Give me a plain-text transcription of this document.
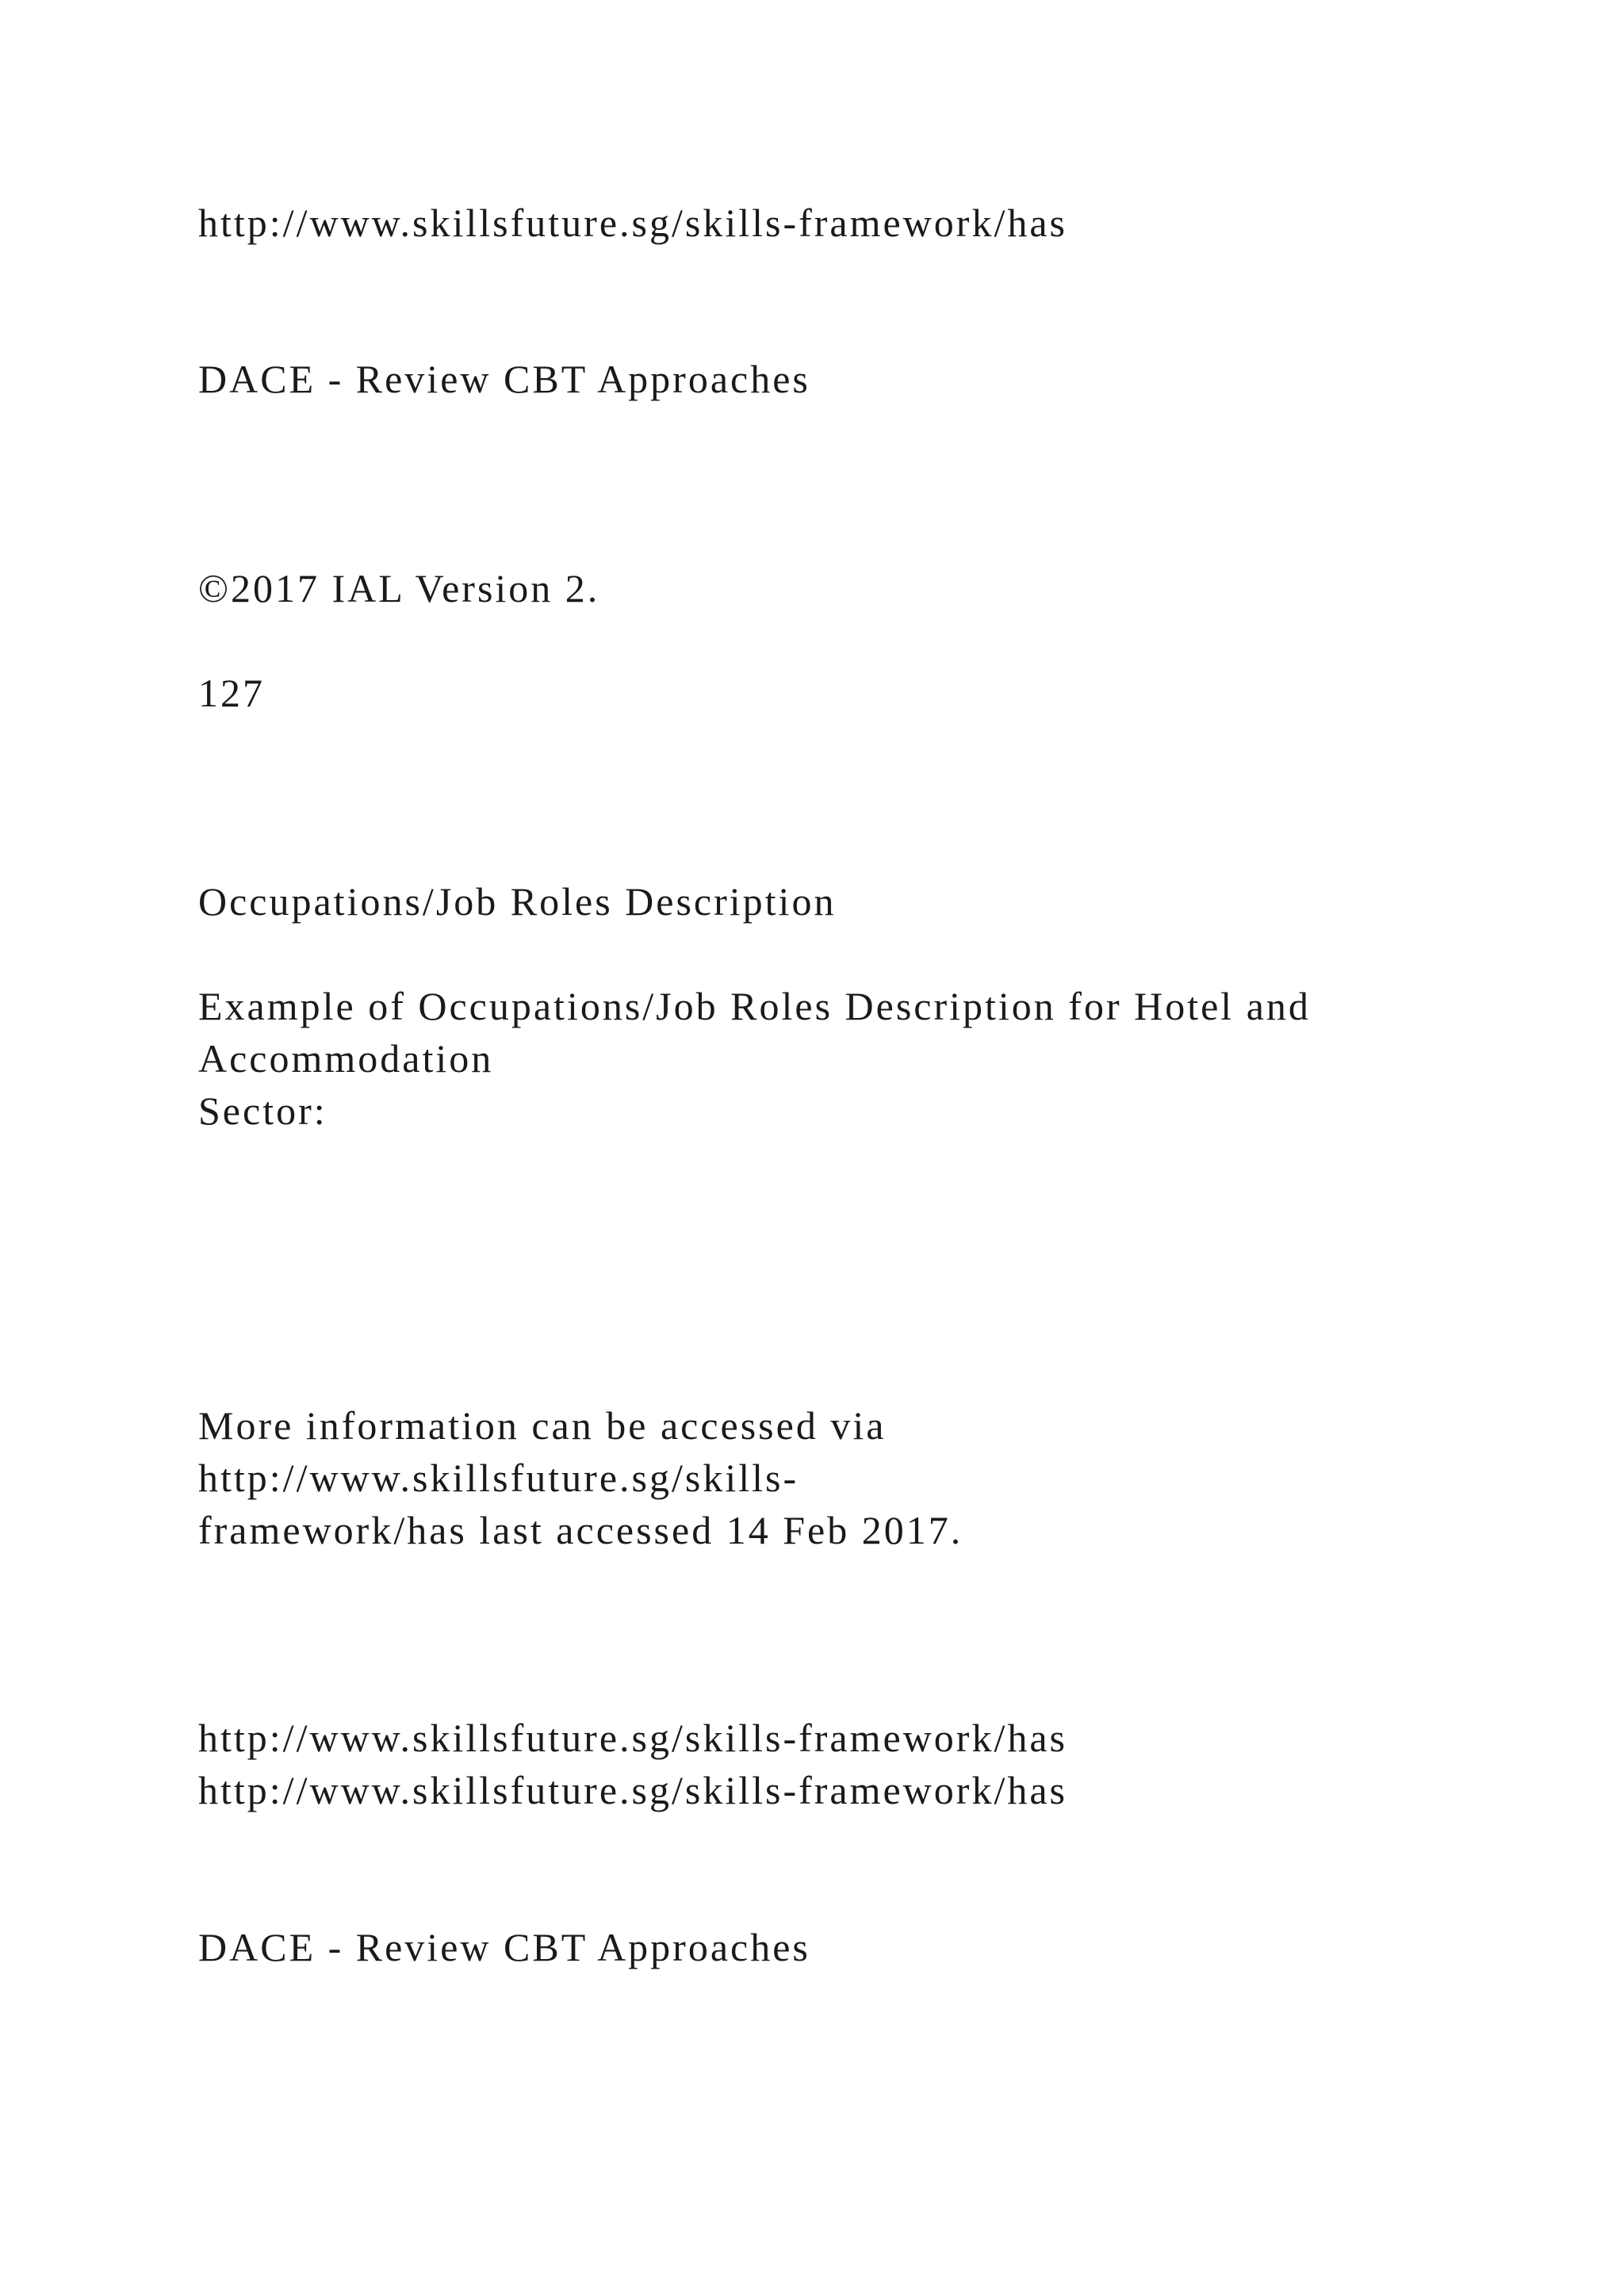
http://www.skillsfuture.sg/skills-framework/has

DACE - Review CBT Approaches

©2017 IAL Version 2.

127

Occupations/Job Roles Description

Example of Occupations/Job Roles Description for Hotel and

Accommodation

Sector:

More information can be accessed via

http://www.skillsfuture.sg/skills-

framework/has last accessed 14 Feb 2017.

http://www.skillsfuture.sg/skills-framework/has

http://www.skillsfuture.sg/skills-framework/has

DACE - Review CBT Approaches
